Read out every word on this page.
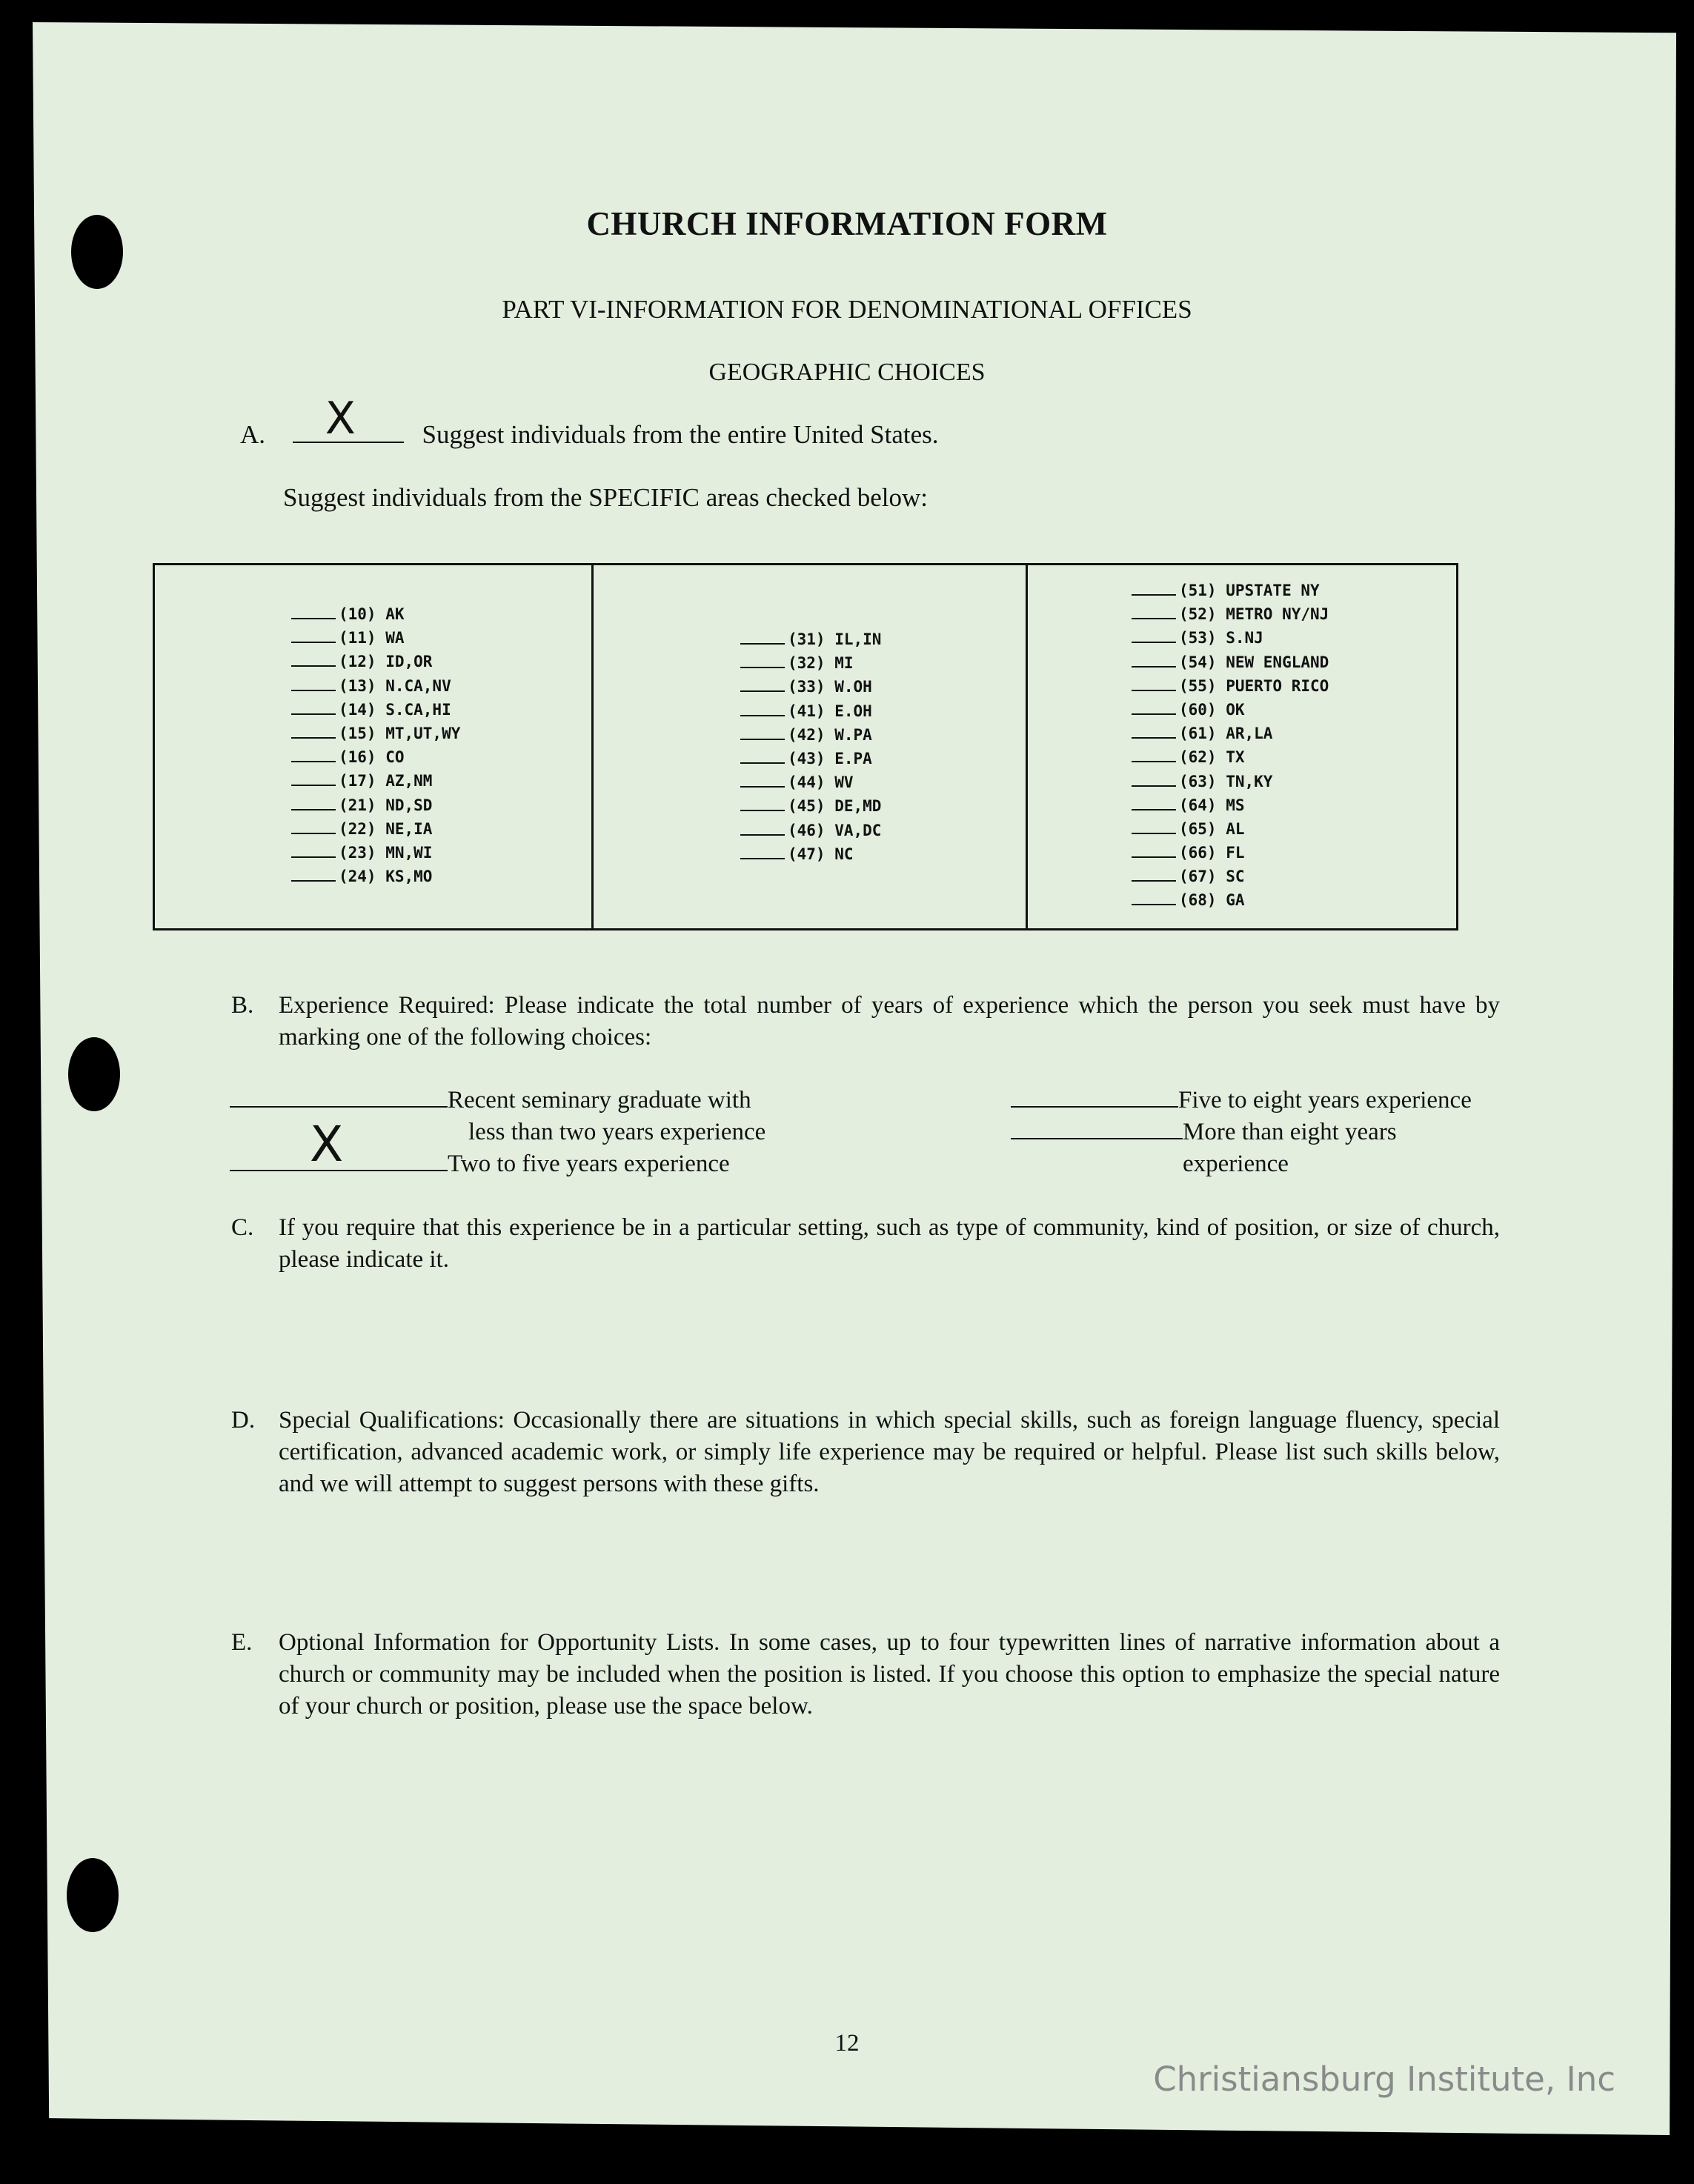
CHURCH INFORMATION FORM
PART VI-INFORMATION FOR DENOMINATIONAL OFFICES
GEOGRAPHIC CHOICES
A. X	Suggest individuals from the entire United States.
Suggest individuals from the SPECIFIC areas checked below:
(10) AK
(11) WA
(12) ID,OR
(13) N.CA,NV
(14) S.CA,HI
(15) MT,UT,WY
(16) CO
(17) AZ,NM
(21) ND,SD
(22) NE,IA
(23) MN,WI
(24) KS,MO
(31) IL,IN
(32) MI
(33) W.OH
(41) E.OH
(42) W.PA
(43) E.PA
(44) WV
(45) DE,MD
(46) VA,DC
(47) NC
(51) UPSTATE NY
(52) METRO NY/NJ
(53) S.NJ
(54) NEW ENGLAND
(55) PUERTO RICO
(60) OK
(61) AR,LA
(62) TX
(63) TN,KY
(64) MS
(65) AL
(66) FL
(67) SC
(68) GA
B. Experience Required: Please indicate the total number of years of experience which the person you seek must have by marking one of the following choices:
Recent seminary graduate with
less than two years experience
X	Two to five years experience
Five to eight years experience
More than eight years
experience
C. If you require that this experience be in a particular setting, such as type of community, kind of position, or size of church, please indicate it.
D. Special Qualifications: Occasionally there are situations in which special skills, such as foreign language fluency, special certification, advanced academic work, or simply life experience may be required or helpful. Please list such skills below, and we will attempt to suggest persons with these gifts.
E. Optional Information for Opportunity Lists. In some cases, up to four typewritten lines of narrative information about a church or community may be included when the position is listed. If you choose this option to emphasize the special nature of your church or position, please use the space below.
12
Christiansburg Institute, Inc
